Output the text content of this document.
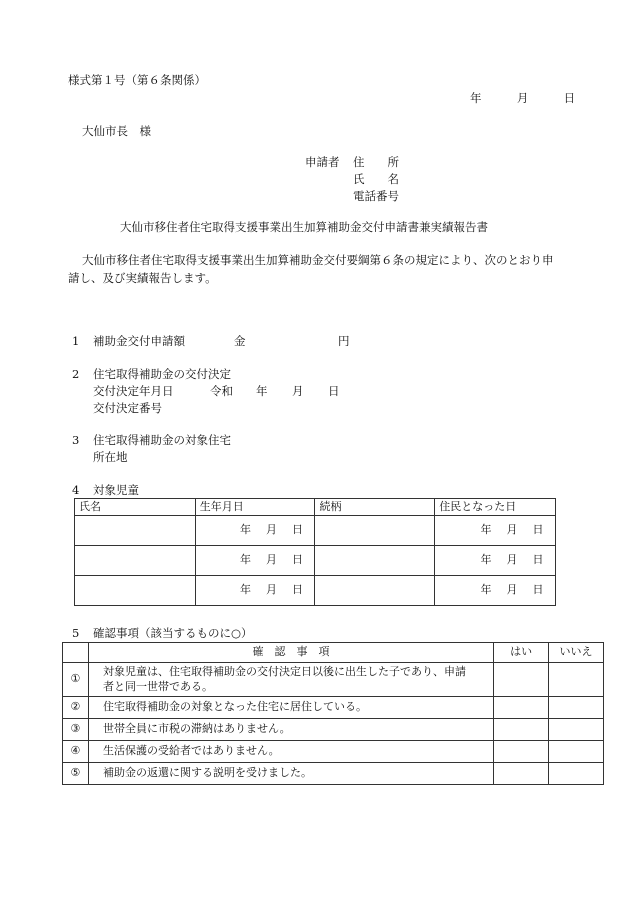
様式第１号（第６条関係）
年	月	日
大仙市長　様
申請者 住　　所
氏　　名
電話番号
大仙市移住者住宅取得支援事業出生加算補助金交付申請書兼実績報告書
大仙市移住者住宅取得支援事業出生加算補助金交付要綱第６条の規定により、次のとおり申
請し、及び実績報告します。
1 補助金交付申請額	金	円
2 住宅取得補助金の交付決定
交付決定年月日	令和 年 月 日
交付決定番号
3 住宅取得補助金の対象住宅
所在地
4 対象児童
氏名	生年月日	続柄	住民となった日
	年 月 日		年 月 日
	年 月 日		年 月 日
	年 月 日		年 月 日
5 確認事項（該当するものに○）
	確　認　事　項	はい	いいえ
①	対象児童は、住宅取得補助金の交付決定日以後に出生した子であり、申請
者と同一世帯である。		

②	住宅取得補助金の対象となった住宅に居住している。		

③	世帯全員に市税の滞納はありません。		

④	生活保護の受給者ではありません。		

⑤	補助金の返還に関する説明を受けました。		
